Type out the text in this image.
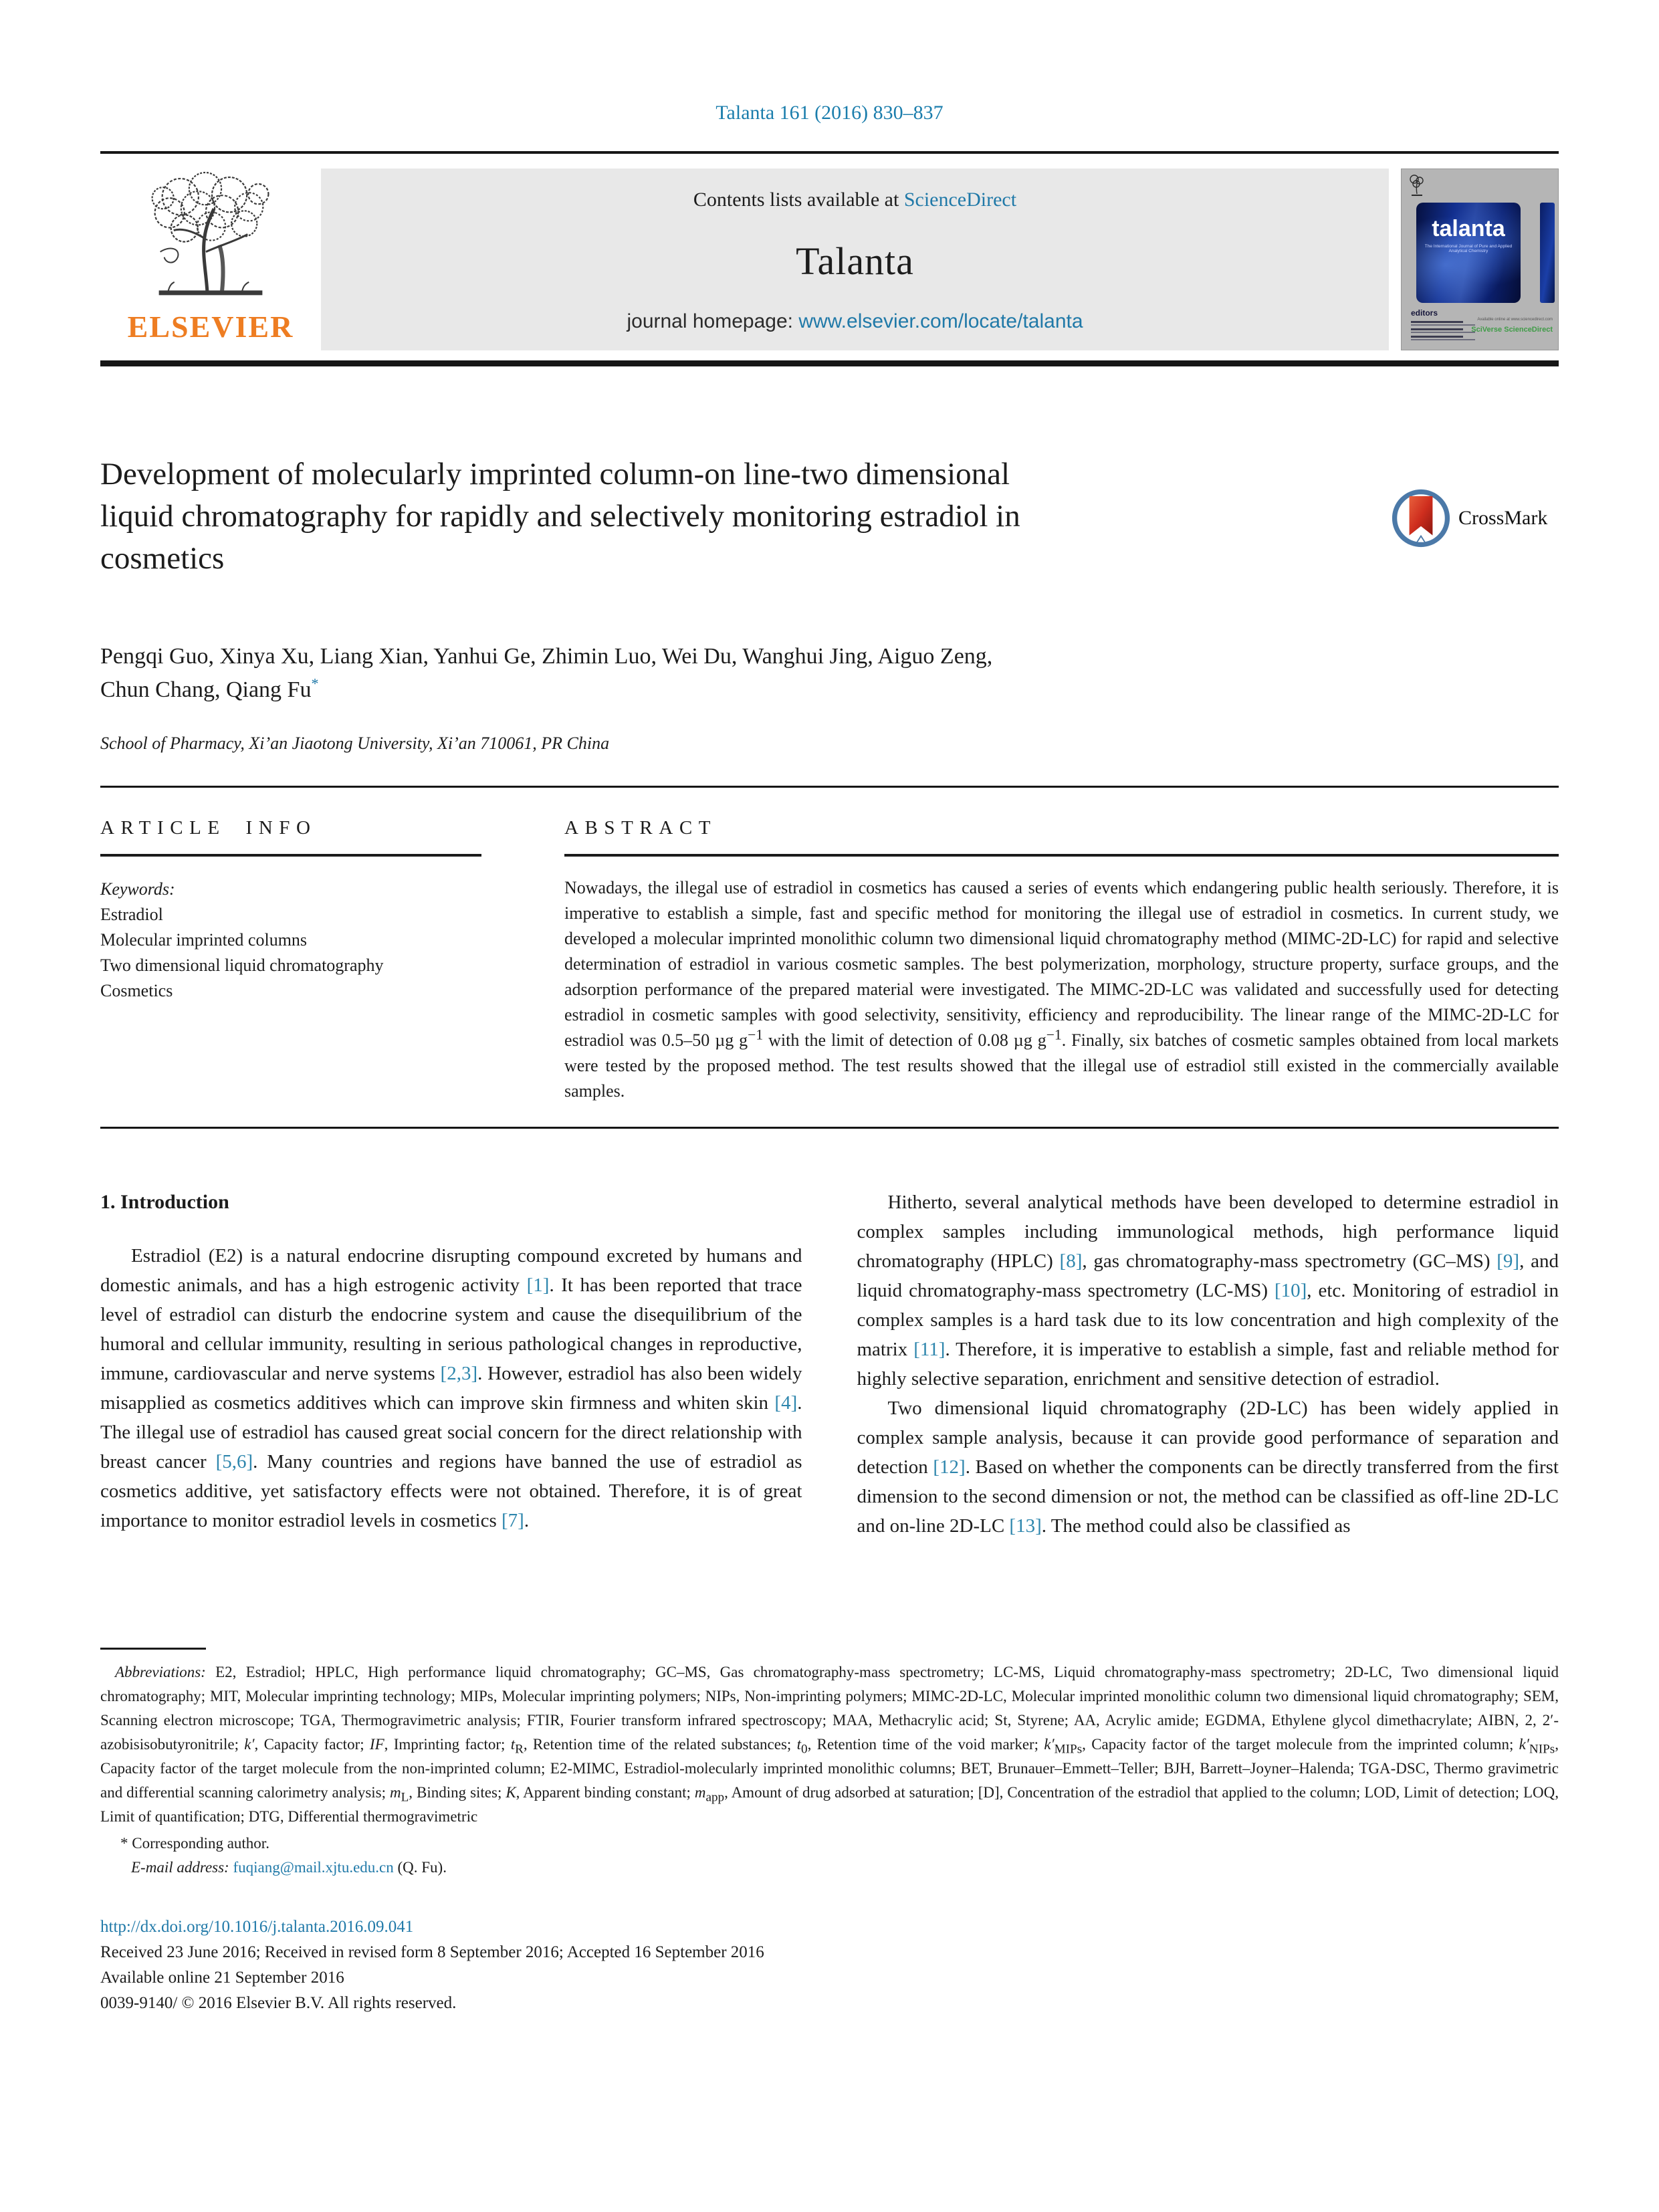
Talanta 161 (2016) 830–837
ELSEVIER
Contents lists available at ScienceDirect
Talanta
journal homepage: www.elsevier.com/locate/talanta
talanta
The International Journal of Pure and Applied Analytical Chemistry
editors
Available online at www.sciencedirect.com
SciVerse ScienceDirect
Development of molecularly imprinted column-on line-two dimensional
liquid chromatography for rapidly and selectively monitoring estradiol in
cosmetics
CrossMark
Pengqi Guo, Xinya Xu, Liang Xian, Yanhui Ge, Zhimin Luo, Wei Du, Wanghui Jing, Aiguo Zeng,
Chun Chang, Qiang Fu*
School of Pharmacy, Xi’an Jiaotong University, Xi’an 710061, PR China
ARTICLE INFO
Keywords:
Estradiol
Molecular imprinted columns
Two dimensional liquid chromatography
Cosmetics
ABSTRACT
Nowadays, the illegal use of estradiol in cosmetics has caused a series of events which endangering public health seriously. Therefore, it is imperative to establish a simple, fast and specific method for monitoring the illegal use of estradiol in cosmetics. In current study, we developed a molecular imprinted monolithic column two dimensional liquid chromatography method (MIMC-2D-LC) for rapid and selective determination of estradiol in various cosmetic samples. The best polymerization, morphology, structure property, surface groups, and the adsorption performance of the prepared material were investigated. The MIMC-2D-LC was validated and successfully used for detecting estradiol in cosmetic samples with good selectivity, sensitivity, efficiency and reproducibility. The linear range of the MIMC-2D-LC for estradiol was 0.5–50 µg $g^{-1}$ with the limit of detection of 0.08 µg $g^{-1}$. Finally, six batches of cosmetic samples obtained from local markets were tested by the proposed method. The test results showed that the illegal use of estradiol still existed in the commercially available samples.
1. Introduction

Estradiol (E2) is a natural endocrine disrupting compound excreted by humans and domestic animals, and has a high estrogenic activity [1]. It has been reported that trace level of estradiol can disturb the endocrine system and cause the disequilibrium of the humoral and cellular immunity, resulting in serious pathological changes in reproductive, immune, cardiovascular and nerve systems [2,3]. However, estradiol has also been widely misapplied as cosmetics additives which can improve skin firmness and whiten skin [4]. The illegal use of estradiol has caused great social concern for the direct relationship with breast cancer [5,6]. Many countries and regions have banned the use of estradiol as cosmetics additive, yet satisfactory effects were not obtained. Therefore, it is of great importance to monitor estradiol levels in cosmetics [7].

Hitherto, several analytical methods have been developed to determine estradiol in complex samples including immunological methods, high performance liquid chromatography (HPLC) [8], gas chromatography-mass spectrometry (GC–MS) [9], and liquid chromatography-mass spectrometry (LC-MS) [10], etc. Monitoring of estradiol in complex samples is a hard task due to its low concentration and high complexity of the matrix [11]. Therefore, it is imperative to establish a simple, fast and reliable method for highly selective separation, enrichment and sensitive detection of estradiol.

Two dimensional liquid chromatography (2D-LC) has been widely applied in complex sample analysis, because it can provide good performance of separation and detection [12]. Based on whether the components can be directly transferred from the first dimension to the second dimension or not, the method can be classified as off-line 2D-LC and on-line 2D-LC [13]. The method could also be classified as

Abbreviations: E2, Estradiol; HPLC, High performance liquid chromatography; GC–MS, Gas chromatography-mass spectrometry; LC-MS, Liquid chromatography-mass spectrometry; 2D-LC, Two dimensional liquid chromatography; MIT, Molecular imprinting technology; MIPs, Molecular imprinting polymers; NIPs, Non-imprinting polymers; MIMC-2D-LC, Molecular imprinted monolithic column two dimensional liquid chromatography; SEM, Scanning electron microscope; TGA, Thermogravimetric analysis; FTIR, Fourier transform infrared spectroscopy; MAA, Methacrylic acid; St, Styrene; AA, Acrylic amide; EGDMA, Ethylene glycol dimethacrylate; AIBN, 2, 2′-azobisisobutyronitrile; k′, Capacity factor; IF, Imprinting factor; $t_R$, Retention time of the related substances; $t_0$, Retention time of the void marker; $k'_{MIPs}$, Capacity factor of the target molecule from the imprinted column; $k'_{NIPs}$, Capacity factor of the target molecule from the non-imprinted column; E2-MIMC, Estradiol-molecularly imprinted monolithic columns; BET, Brunauer–Emmett–Teller; BJH, Barrett–Joyner–Halenda; TGA-DSC, Thermo gravimetric and differential scanning calorimetry analysis; $m_L$, Binding sites; K, Apparent binding constant; $m_{app}$, Amount of drug adsorbed at saturation; [D], Concentration of the estradiol that applied to the column; LOD, Limit of detection; LOQ, Limit of quantification; DTG, Differential thermogravimetric

* Corresponding author.

E-mail address: fuqiang@mail.xjtu.edu.cn (Q. Fu).

http://dx.doi.org/10.1016/j.talanta.2016.09.041
Received 23 June 2016; Received in revised form 8 September 2016; Accepted 16 September 2016
Available online 21 September 2016
0039-9140/ © 2016 Elsevier B.V. All rights reserved.
